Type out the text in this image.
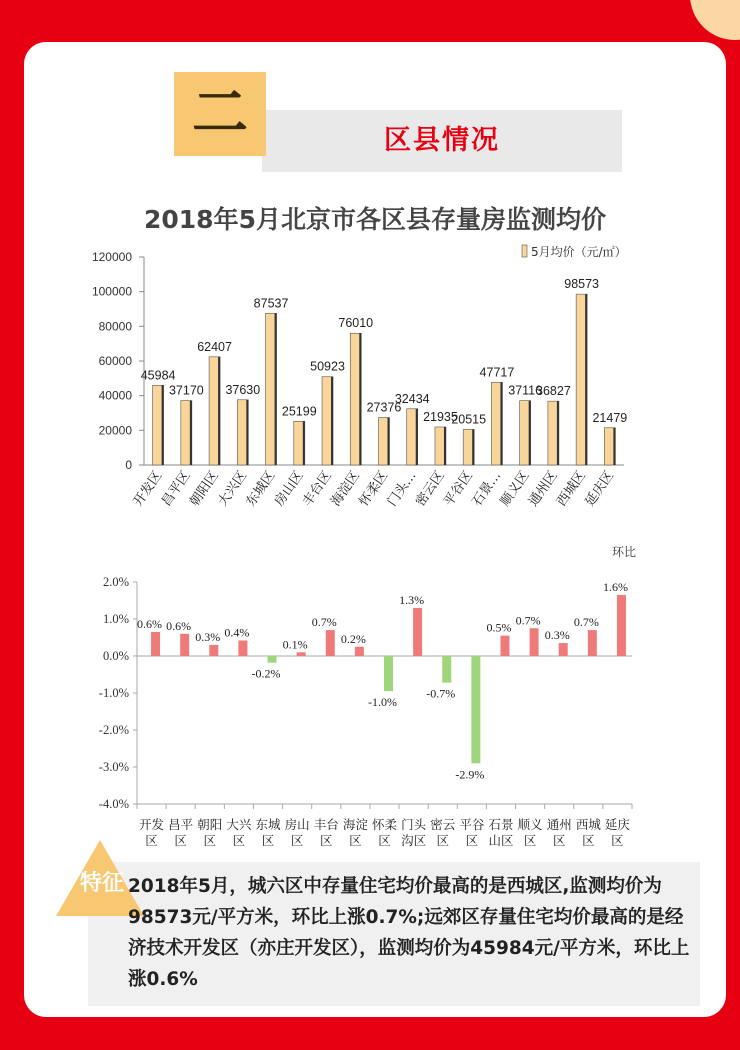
二	区县情况
2018年5月北京市各区县存量房监测均价
0
20000
40000
60000
80000
100000
120000
45984
37170
62407
37630
87537
25199
50923
76010
27376
32434
21935
20515
47717
37116
36827
98573
21479
开发区
昌平区
朝阳区
大兴区
东城区
房山区
丰台区
海淀区
怀柔区
门头…
密云区
平谷区
石景…
顺义区
通州区
西城区
延庆区
5月均价（元/㎡）
-4.0%
-3.0%
-2.0%
-1.0%
0.0%
1.0%
2.0%
0.6% 0.6%
0.3% 0.4%
-0.2%
0.1%
0.7%
0.2%
-1.0%
1.3%
-0.7%
-2.9%
0.5%
0.7%
0.3%
0.7%
1.6%
开发
区
昌平
区
朝阳
区
大兴
区
东城
区
房山
区
丰台
区
海淀
区
怀柔
区
门头
沟区
密云
区
平谷
区
石景
山区
顺义
区
通州
区
西城
区
延庆
区
环比
特征 2018年5月，城六区中存量住宅均价最高的是西城区,监测均价为98573元/平方米，环比上涨0.7%;远郊区存量住宅均价最高的是经济技术开发区（亦庄开发区），监测均价为45984元/平方米，环比上涨0.6%
